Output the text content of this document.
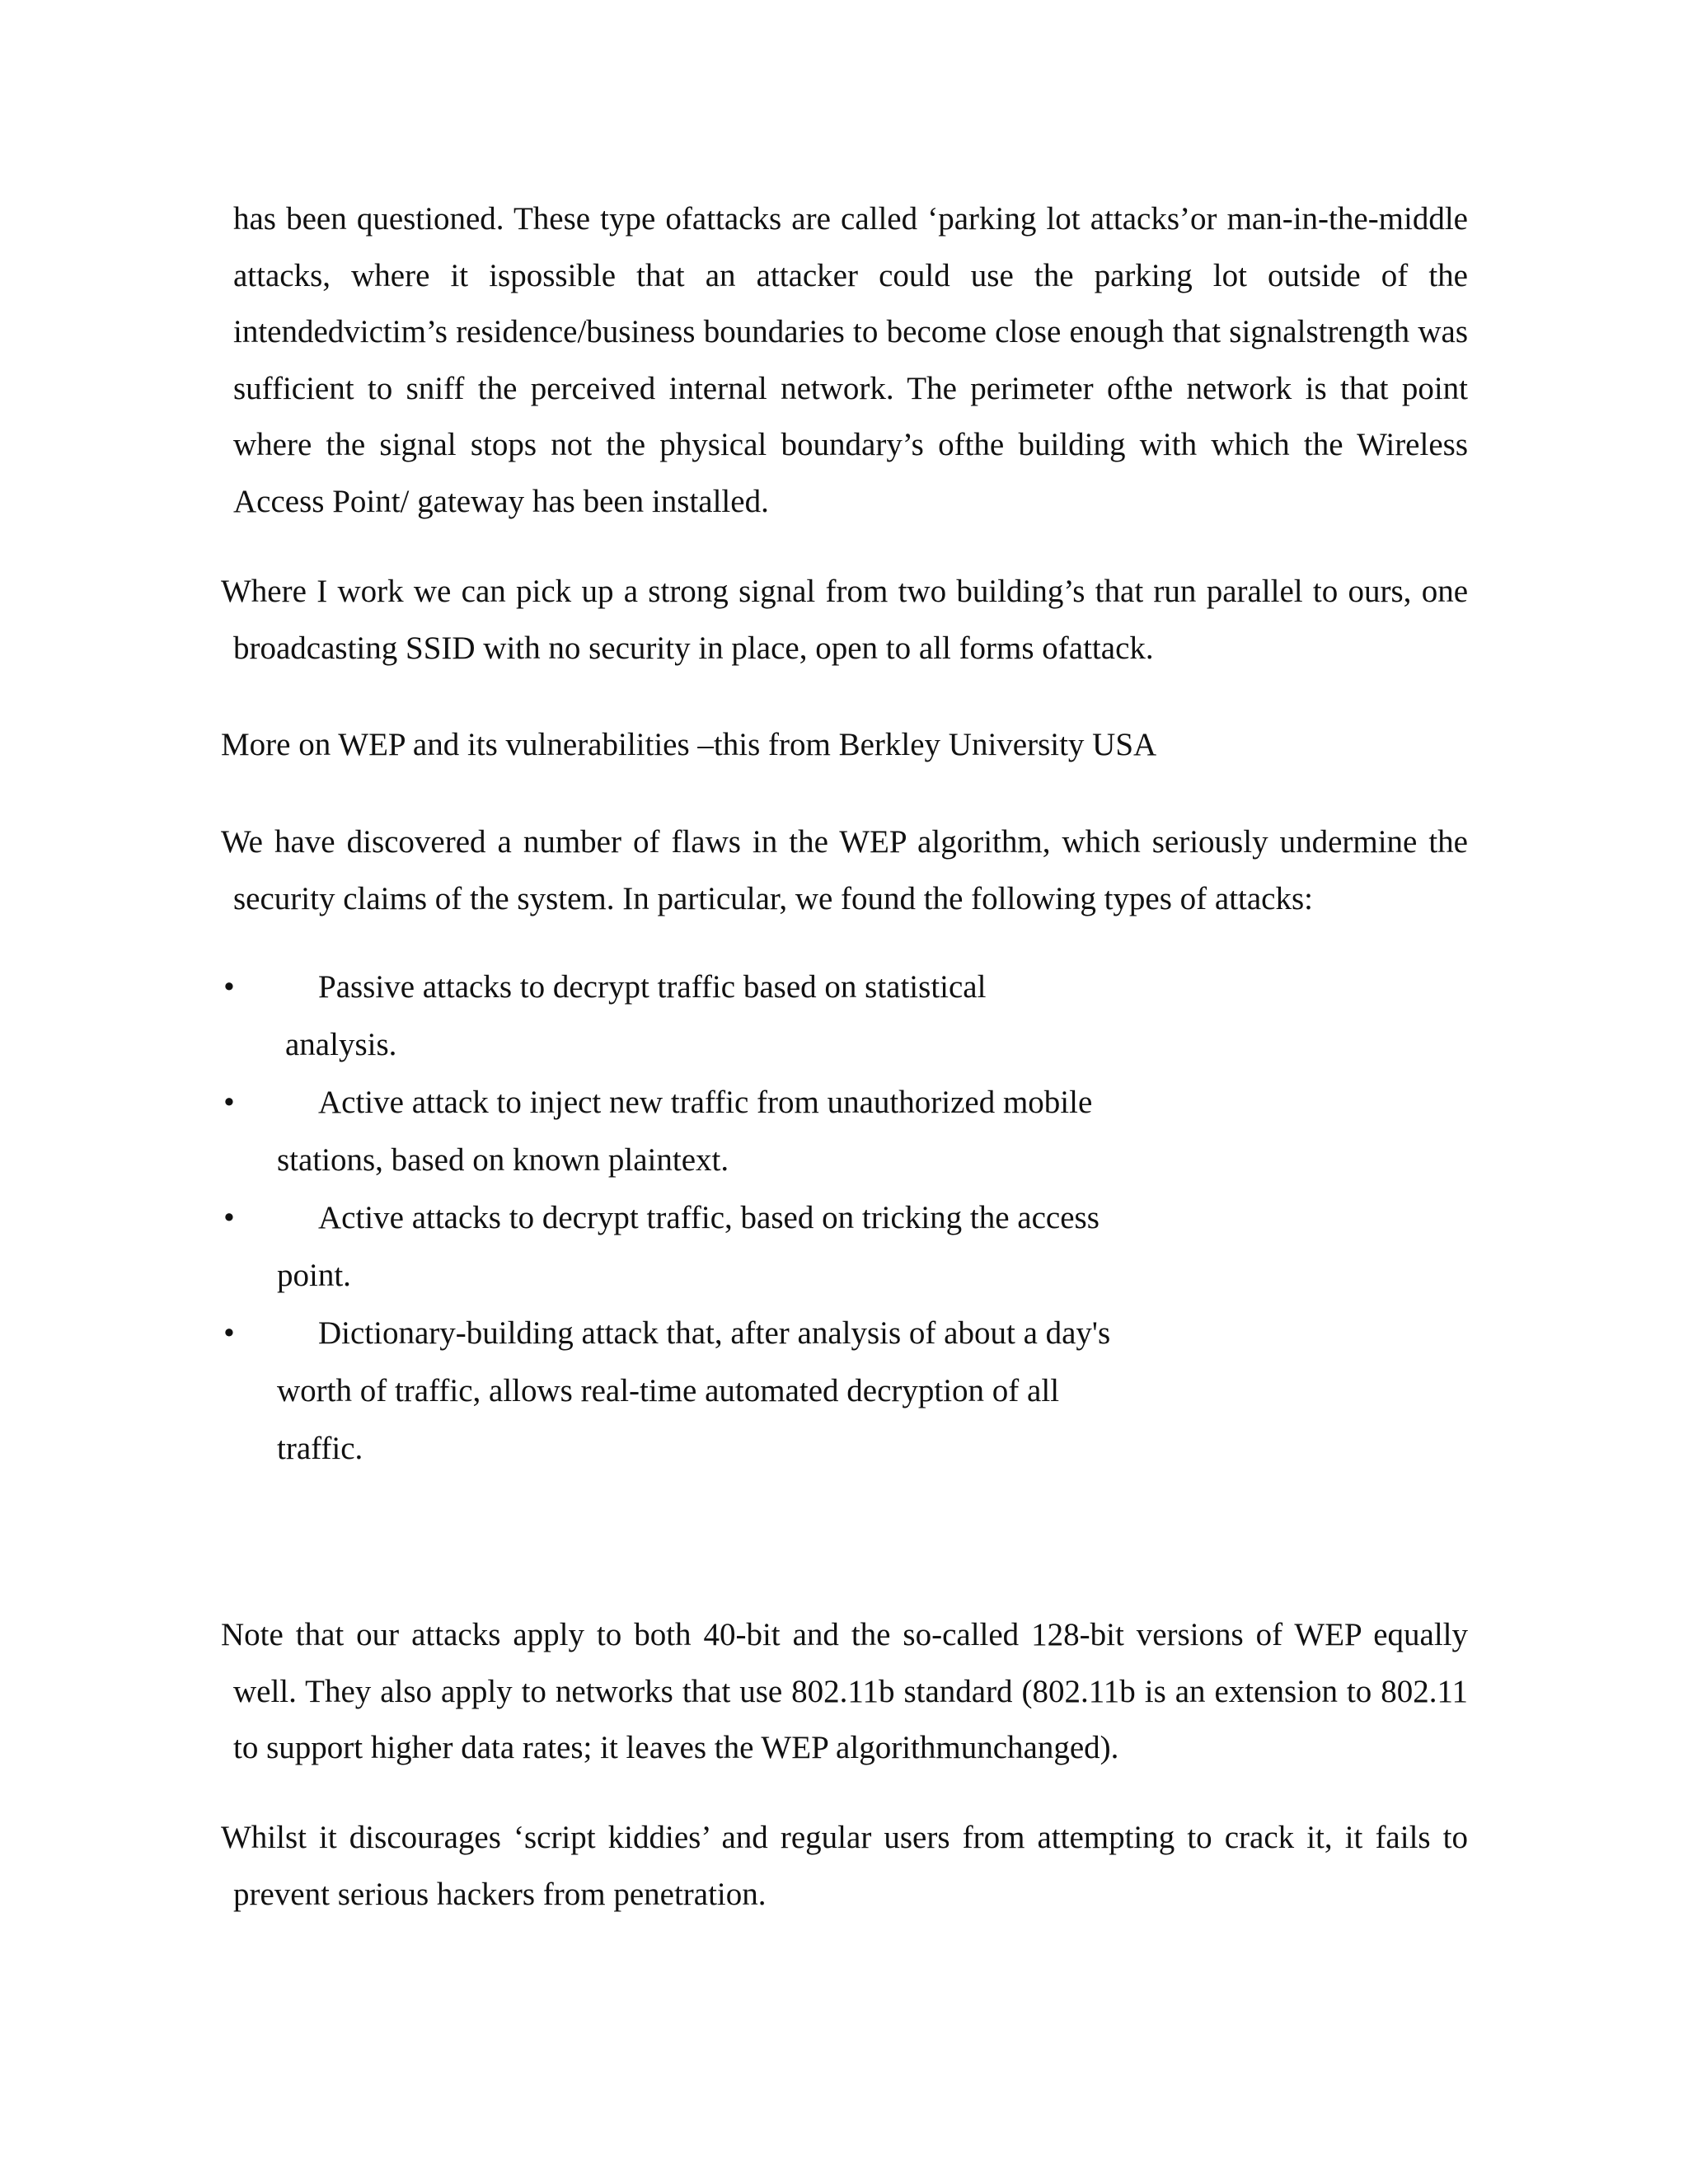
has been questioned. These type ofattacks are called ‘parking lot attacks’or man-in-the-middle attacks, where it ispossible that an attacker could use the parking lot outside of the intendedvictim’s residence/business boundaries to become close enough that signalstrength was sufficient to sniff the perceived internal network. The perimeter ofthe network is that point where the signal stops not the physical boundary’s ofthe building with which the Wireless Access Point/ gateway has been installed.

Where I work we can pick up a strong signal from two building’s that run parallel to ours, one broadcasting SSID with no security in place, open to all forms ofattack.

More on WEP and its vulnerabilities –this from Berkley University USA

We have discovered a number of flaws in the WEP algorithm, which seriously undermine the security claims of the system. In particular, we found the following types of attacks:

•	Passive attacks to decrypt traffic based on statistical analysis.
•	Active attack to inject new traffic from unauthorized mobile stations, based on known plaintext.
•	Active attacks to decrypt traffic, based on tricking the access point.
•	Dictionary-building attack that, after analysis of about a day's worth of traffic, allows real-time automated decryption of all traffic.

Note that our attacks apply to both 40-bit and the so-called 128-bit versions of WEP equally well. They also apply to networks that use 802.11b standard (802.11b is an extension to 802.11 to support higher data rates; it leaves the WEP algorithmunchanged).

Whilst it discourages ‘script kiddies’ and regular users from attempting to crack it, it fails to prevent serious hackers from penetration.
